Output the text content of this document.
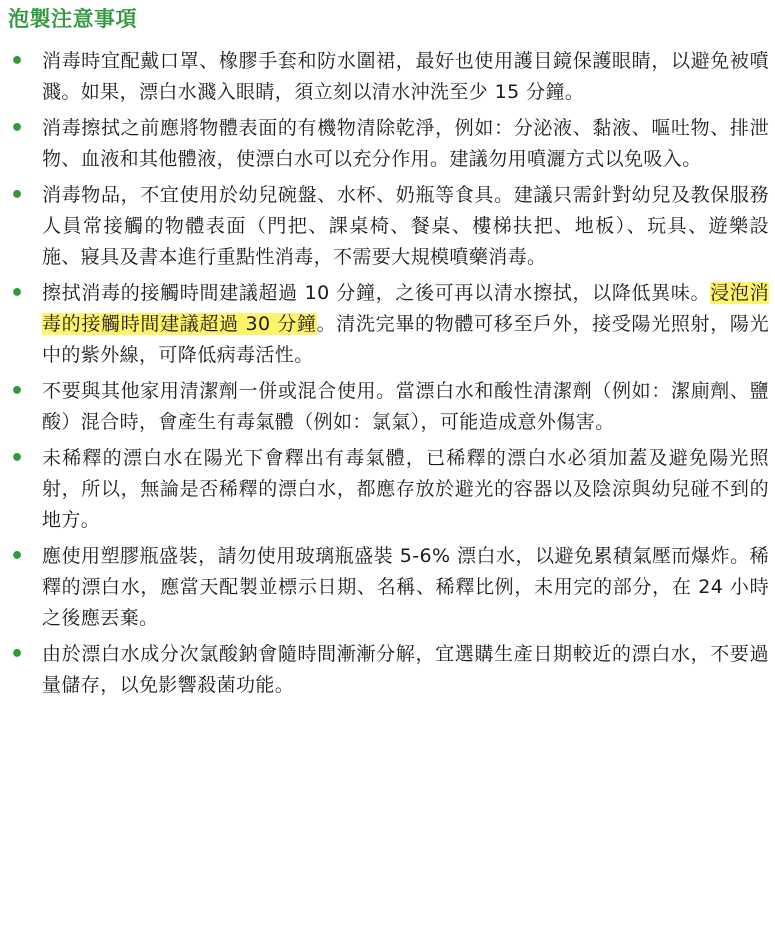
泡製注意事項
• 消毒時宜配戴口罩、橡膠手套和防水圍裙，最好也使用護目鏡保護眼睛，以避免被噴濺。如果，漂白水濺入眼睛，須立刻以清水沖洗至少 15 分鐘。
• 消毒擦拭之前應將物體表面的有機物清除乾淨，例如：分泌液、黏液、嘔吐物、排泄物、血液和其他體液，使漂白水可以充分作用。建議勿用噴灑方式以免吸入。
• 消毒物品，不宜使用於幼兒碗盤、水杯、奶瓶等食具。建議只需針對幼兒及教保服務人員常接觸的物體表面（門把、課桌椅、餐桌、樓梯扶把、地板）、玩具、遊樂設施、寢具及書本進行重點性消毒，不需要大規模噴藥消毒。
• 擦拭消毒的接觸時間建議超過 10 分鐘，之後可再以清水擦拭，以降低異味。浸泡消毒的接觸時間建議超過 30 分鐘。清洗完畢的物體可移至戶外，接受陽光照射，陽光中的紫外線，可降低病毒活性。
• 不要與其他家用清潔劑一併或混合使用。當漂白水和酸性清潔劑（例如：潔廁劑、鹽酸）混合時，會產生有毒氣體（例如：氯氣），可能造成意外傷害。
• 未稀釋的漂白水在陽光下會釋出有毒氣體，已稀釋的漂白水必須加蓋及避免陽光照射，所以，無論是否稀釋的漂白水，都應存放於避光的容器以及陰涼與幼兒碰不到的地方。
• 應使用塑膠瓶盛裝，請勿使用玻璃瓶盛裝 5-6% 漂白水，以避免累積氣壓而爆炸。稀釋的漂白水，應當天配製並標示日期、名稱、稀釋比例，未用完的部分，在 24 小時之後應丟棄。
• 由於漂白水成分次氯酸鈉會隨時間漸漸分解，宜選購生產日期較近的漂白水，不要過量儲存，以免影響殺菌功能。
